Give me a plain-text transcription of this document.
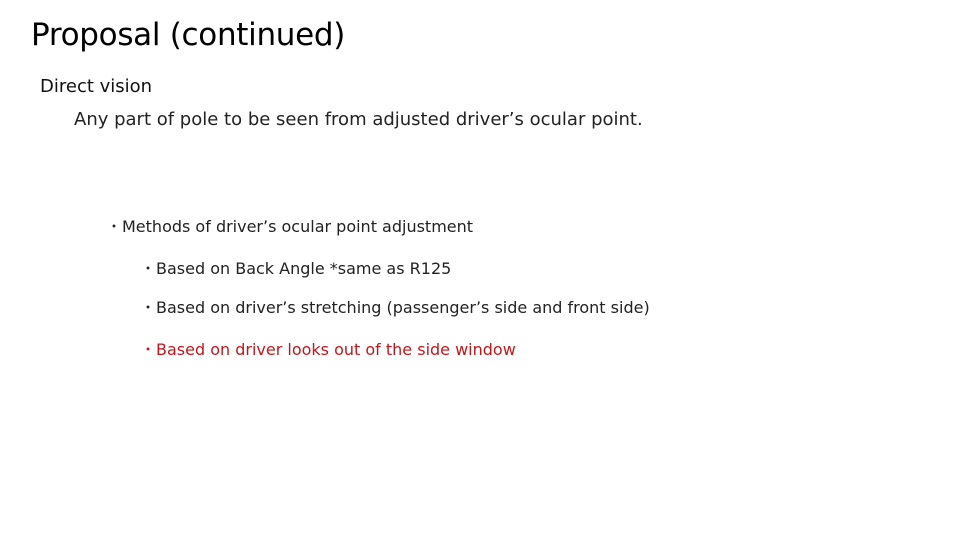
Proposal (continued)
Direct vision
Any part of pole to be seen from adjusted driver’s ocular point.
・Methods of driver’s ocular point adjustment
・Based on Back Angle *same as R125
・Based on driver’s stretching (passenger’s side and front side)
・Based on driver looks out of the side window
